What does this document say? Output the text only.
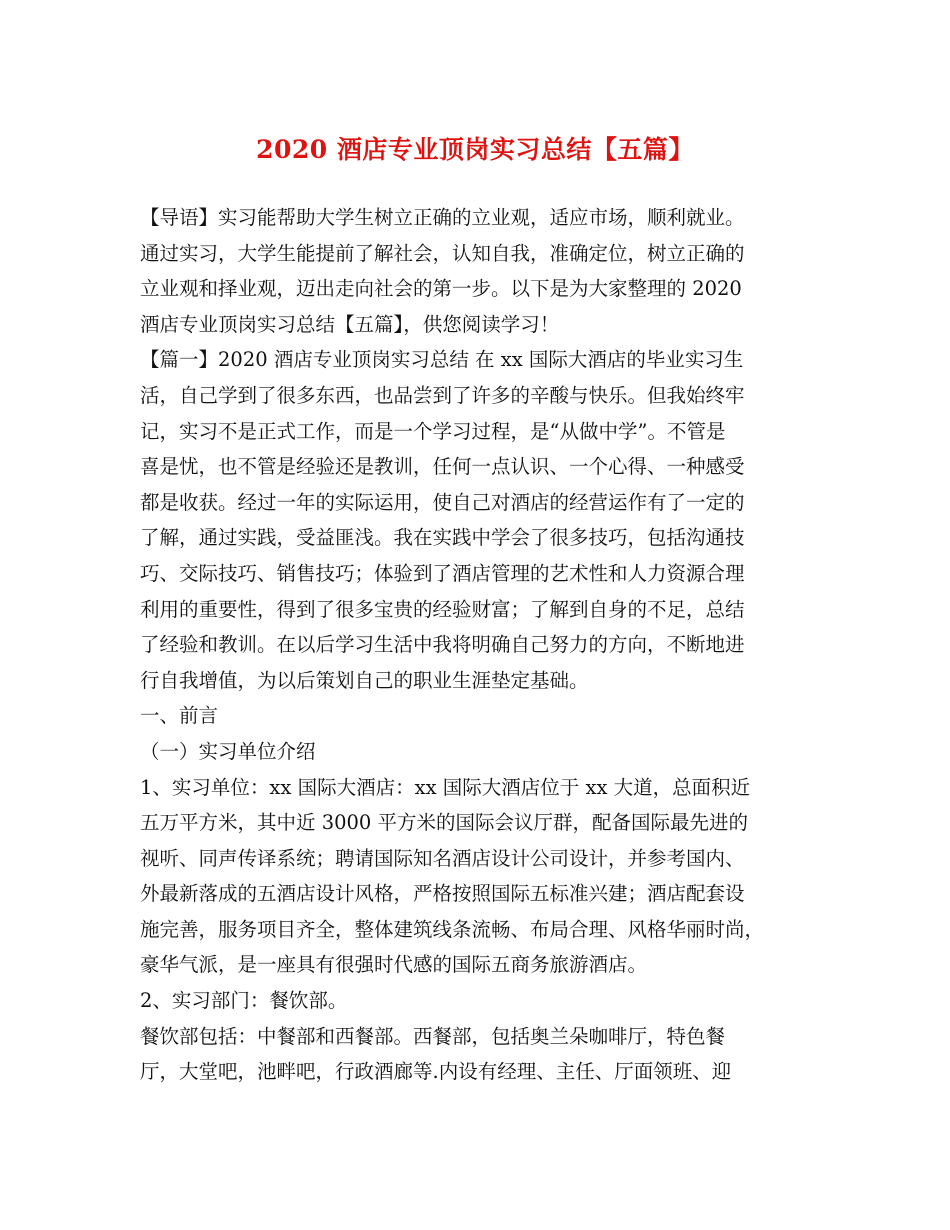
2020 酒店专业顶岗实习总结【五篇】

【导语】实习能帮助大学生树立正确的立业观，适应市场，顺利就业。

通过实习，大学生能提前了解社会，认知自我，准确定位，树立正确的

立业观和择业观，迈出走向社会的第一步。以下是为大家整理的 2020

酒店专业顶岗实习总结【五篇】，供您阅读学习！

【篇一】2020 酒店专业顶岗实习总结 在 xx 国际大酒店的毕业实习生

活，自己学到了很多东西，也品尝到了许多的辛酸与快乐。但我始终牢

记，实习不是正式工作，而是一个学习过程，是“从做中学”。不管是

喜是忧，也不管是经验还是教训，任何一点认识、一个心得、一种感受

都是收获。经过一年的实际运用，使自己对酒店的经营运作有了一定的

了解，通过实践，受益匪浅。我在实践中学会了很多技巧，包括沟通技

巧、交际技巧、销售技巧；体验到了酒店管理的艺术性和人力资源合理

利用的重要性，得到了很多宝贵的经验财富；了解到自身的不足，总结

了经验和教训。在以后学习生活中我将明确自己努力的方向，不断地进

行自我增值，为以后策划自己的职业生涯垫定基础。

一、前言

（一）实习单位介绍

1、实习单位：xx 国际大酒店：xx 国际大酒店位于 xx 大道，总面积近

五万平方米，其中近 3000 平方米的国际会议厅群，配备国际最先进的

视听、同声传译系统；聘请国际知名酒店设计公司设计，并参考国内、

外最新落成的五酒店设计风格，严格按照国际五标准兴建；酒店配套设

施完善，服务项目齐全，整体建筑线条流畅、布局合理、风格华丽时尚，

豪华气派，是一座具有很强时代感的国际五商务旅游酒店。

2、实习部门：餐饮部。

餐饮部包括：中餐部和西餐部。西餐部，包括奥兰朵咖啡厅，特色餐

厅，大堂吧，池畔吧，行政酒廊等.内设有经理、主任、厅面领班、迎
